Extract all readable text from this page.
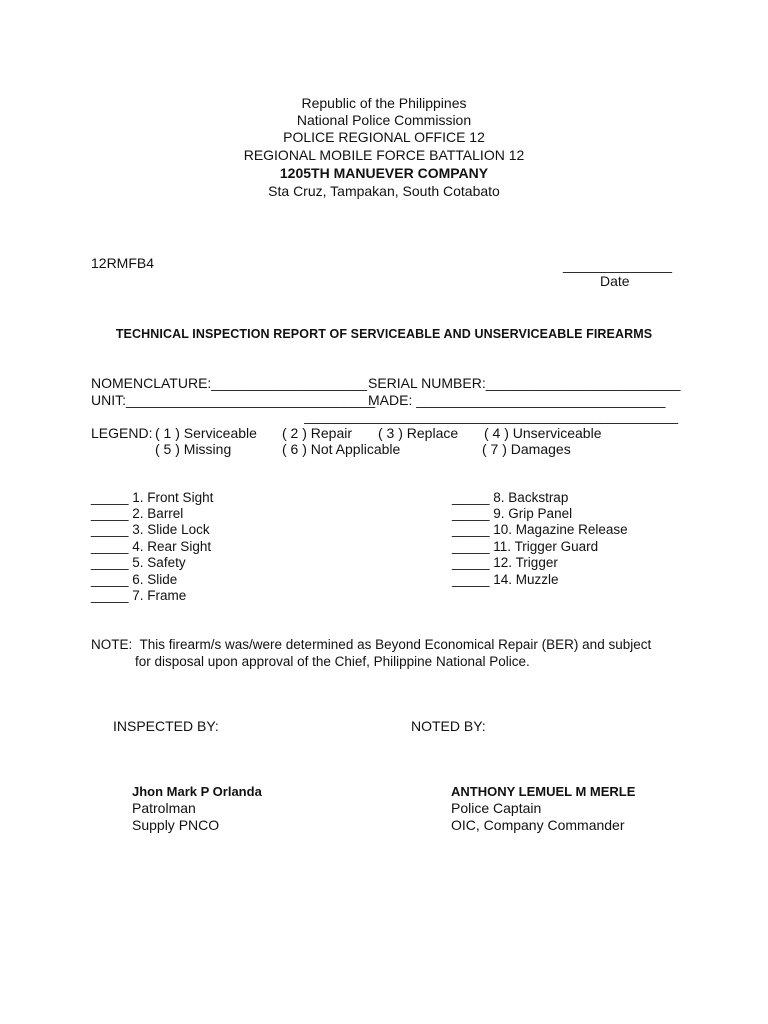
Republic of the Philippines
National Police Commission
POLICE REGIONAL OFFICE 12
REGIONAL MOBILE FORCE BATTALION 12
1205TH MANUEVER COMPANY
Sta Cruz, Tampakan, South Cotabato
12RMFB4	______________
Date
TECHNICAL INSPECTION REPORT OF SERVICEABLE AND UNSERVICEABLE FIREARMS
NOMENCLATURE:____________________ SERIAL NUMBER:_________________________
UNIT:________________________________
MADE: ________________________________
________________________________________________
LEGEND: ( 1 ) Serviceable ( 2 ) Repair ( 3 ) Replace ( 4 ) Unserviceable
( 5 ) Missing	( 6 ) Not Applicable	( 7 ) Damages
_____ 1. Front Sight
_____ 2. Barrel
_____ 3. Slide Lock
_____ 4. Rear Sight
_____ 5. Safety
_____ 6. Slide
_____ 7. Frame
_____ 8. Backstrap
_____ 9. Grip Panel
_____ 10. Magazine Release
_____ 11. Trigger Guard
_____ 12. Trigger
_____ 14. Muzzle
NOTE:  This firearm/s was/were determined as Beyond Economical Repair (BER) and subject
for disposal upon approval of the Chief, Philippine National Police.
INSPECTED BY:	NOTED BY:
Jhon Mark P Orlanda
Patrolman
Supply PNCO
ANTHONY LEMUEL M MERLE
Police Captain
OIC, Company Commander
